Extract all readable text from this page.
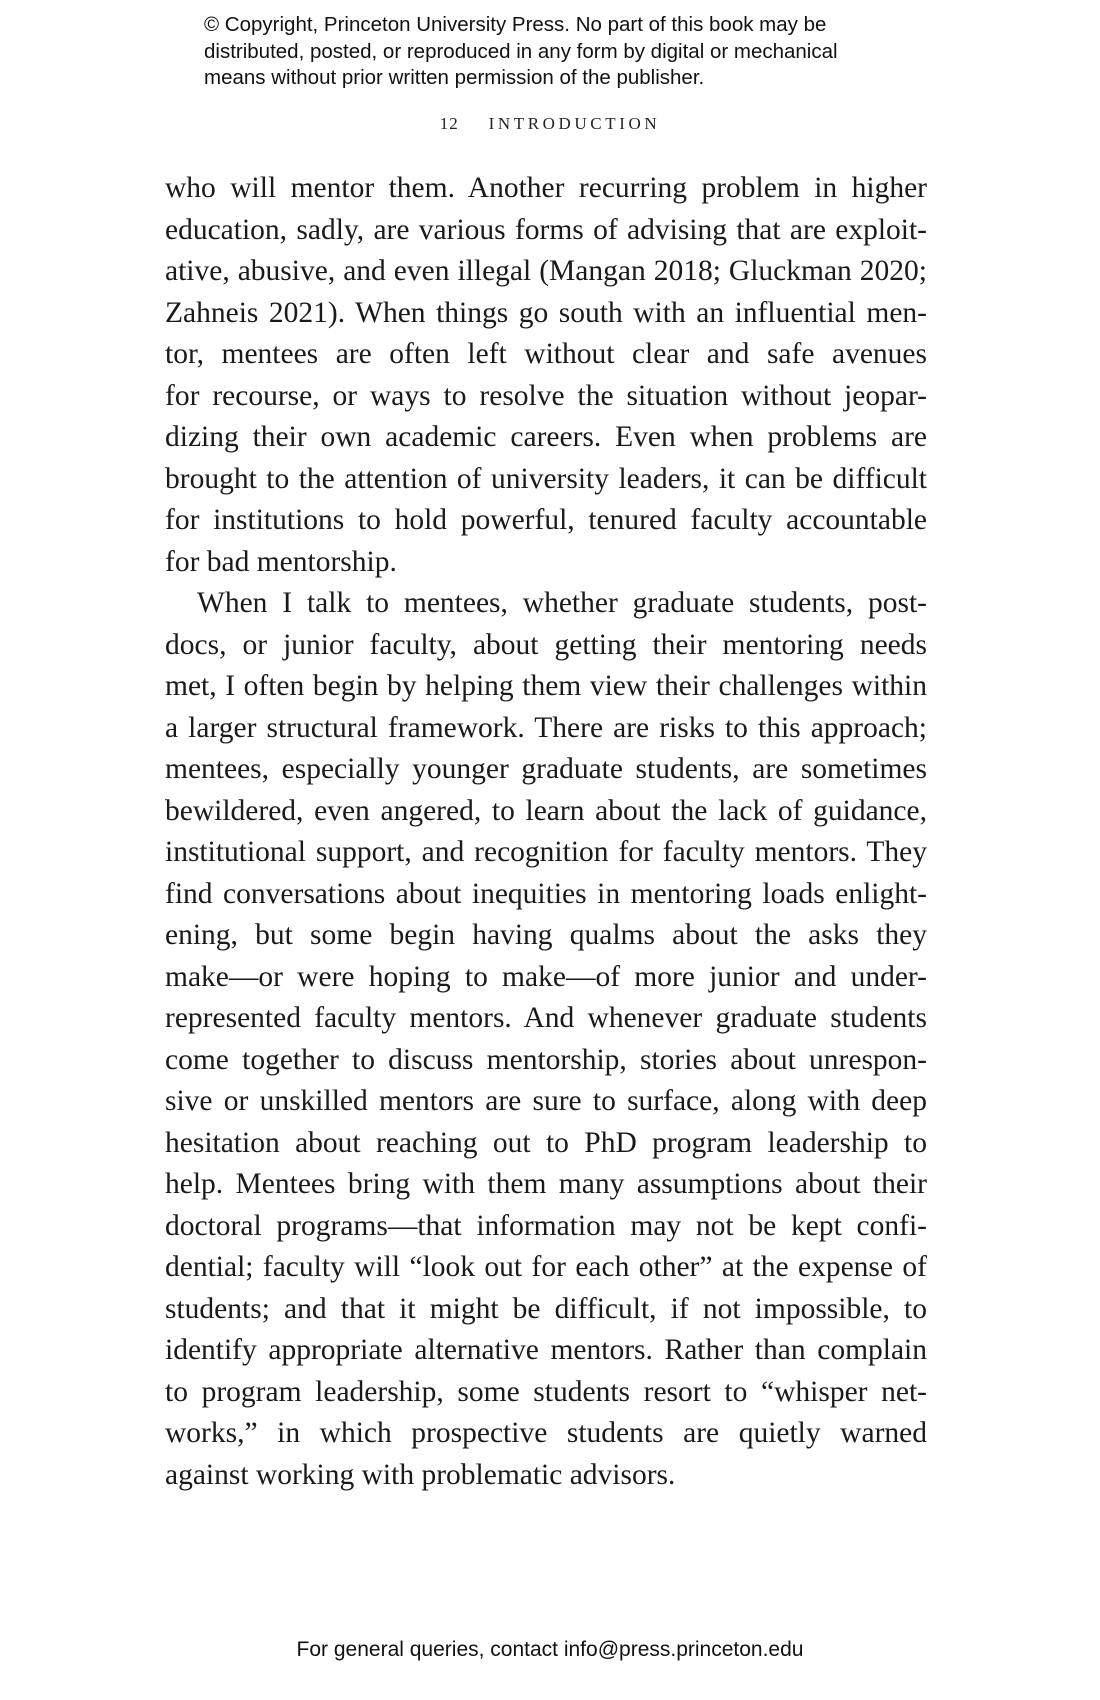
© Copyright, Princeton University Press. No part of this book may be
distributed, posted, or reproduced in any form by digital or mechanical
means without prior written permission of the publisher.
12 INTRODUCTION
who will mentor them. Another recurring problem in higher
education, sadly, are various forms of advising that are exploit-
ative, abusive, and even illegal (Mangan 2018; Gluckman 2020;
Zahneis 2021). When things go south with an influential men-
tor, mentees are often left without clear and safe avenues
for recourse, or ways to resolve the situation without jeopar-
dizing their own academic careers. Even when problems are
brought to the attention of university leaders, it can be difficult
for institutions to hold powerful, tenured faculty accountable
for bad mentorship.
When I talk to mentees, whether graduate students, post-
docs, or junior faculty, about getting their mentoring needs
met, I often begin by helping them view their challenges within
a larger structural framework. There are risks to this approach;
mentees, especially younger graduate students, are sometimes
bewildered, even angered, to learn about the lack of guidance,
institutional support, and recognition for faculty mentors. They
find conversations about inequities in mentoring loads enlight-
ening, but some begin having qualms about the asks they
make—or were hoping to make—of more junior and under-
represented faculty mentors. And whenever graduate students
come together to discuss mentorship, stories about unrespon-
sive or unskilled mentors are sure to surface, along with deep
hesitation about reaching out to PhD program leadership to
help. Mentees bring with them many assumptions about their
doctoral programs—that information may not be kept confi-
dential; faculty will “look out for each other” at the expense of
students; and that it might be difficult, if not impossible, to
identify appropriate alternative mentors. Rather than complain
to program leadership, some students resort to “whisper net-
works,” in which prospective students are quietly warned
against working with problematic advisors.
For general queries, contact info@press.princeton.edu
